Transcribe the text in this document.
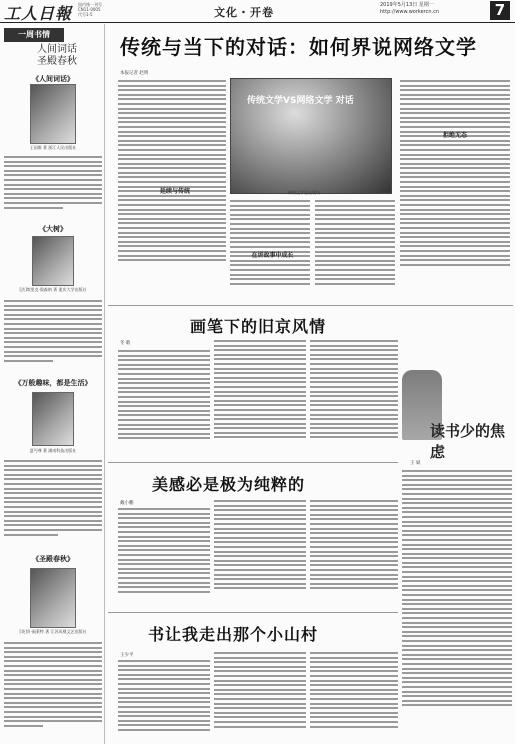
工人日報 国内统一刊号
CN11-0005
代号1-5	文化・开卷
2019年5月13日 星期一
http://www.workercn.cn	7
一周书情
人间词话
圣殿春秋
《人间词话》
王国维 著 浙江人民出版社
《大树》
[法]埃里克·奥森纳 著 重庆大学出版社
《万般趣味，都是生活》
夏丏尊 著 湖南科技出版社
《圣殿春秋》
[英]肯·福莱特 著 江苏凤凰文艺出版社
传统与当下的对话：如何界说网络文学
本报记者 赵明
延续与传统
传统文学VS网络文学 对话
网络文学论坛现场 …
在讲故事中成长
拒绝无态
画笔下的旧京风情
冬 歌
读书少的焦虑
王 斌
美感必是极为纯粹的
戴小鹏
书让我走出那个小山村
王少平
